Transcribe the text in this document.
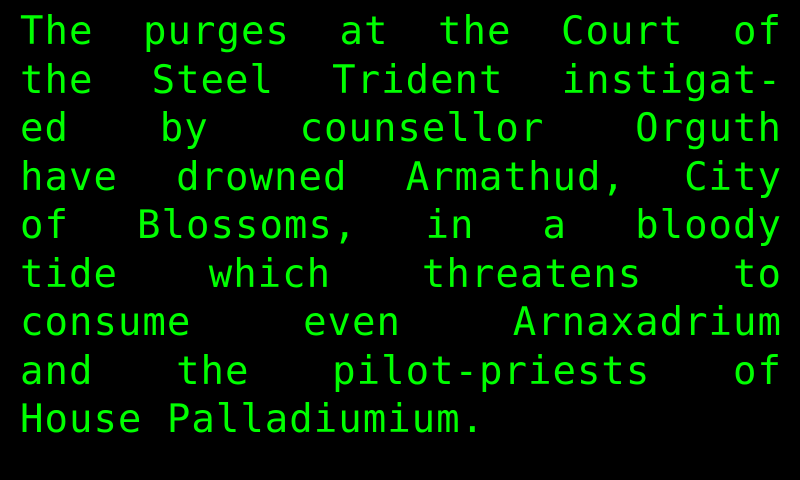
The purges at the Court of
the Steel Trident instigat-
ed by counsellor Orguth
have drowned Armathud, City
of Blossoms, in a bloody
tide which threatens to
consume even Arnaxadrium
and the pilot-priests of
House Palladiumium.
